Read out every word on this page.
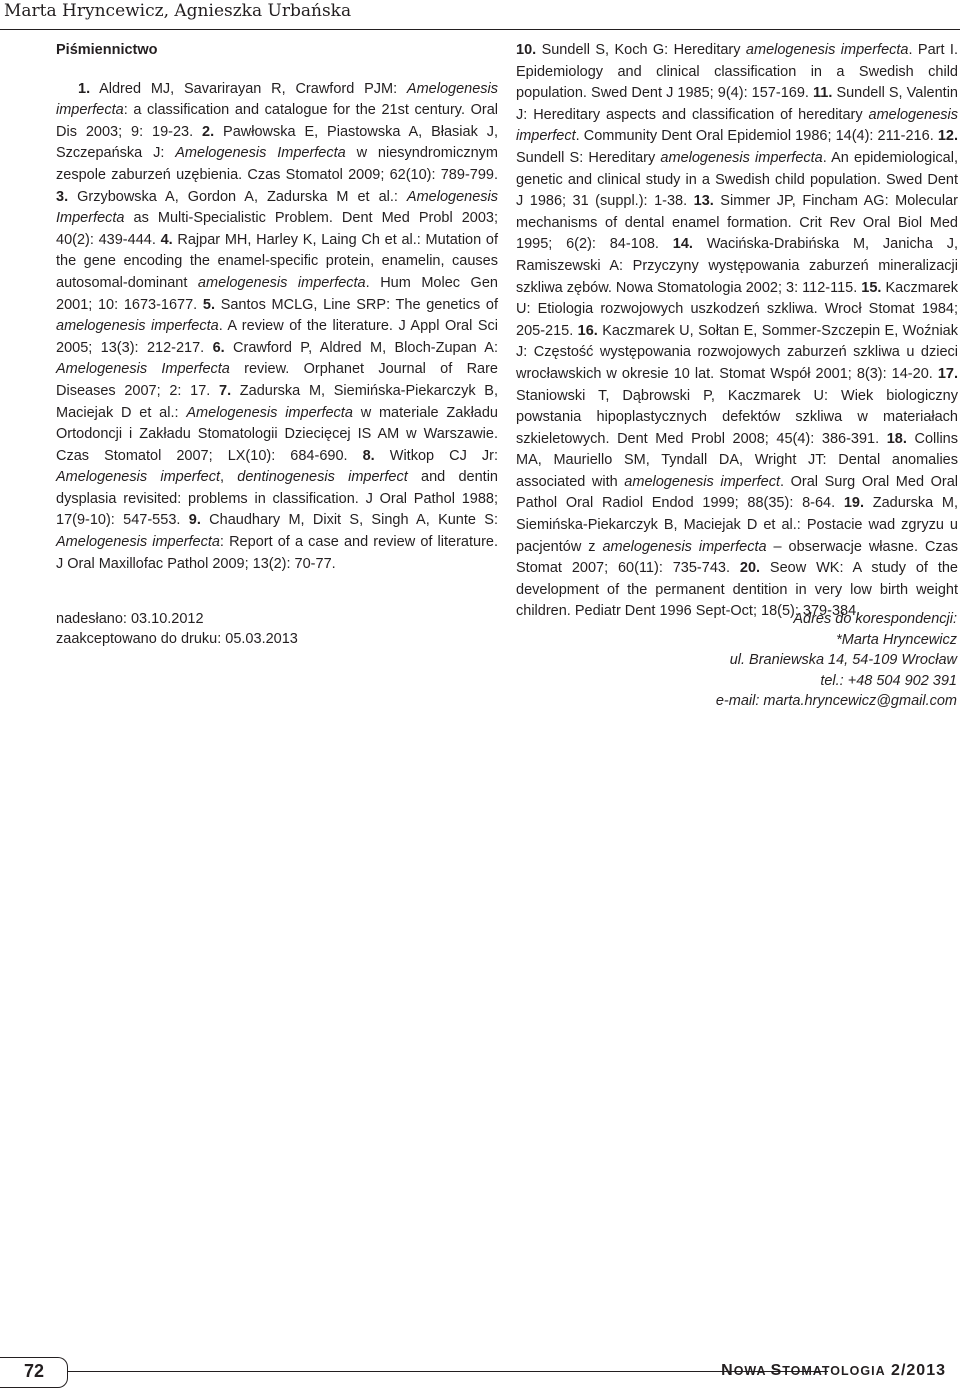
Marta Hryncewicz, Agnieszka Urbańska
Piśmiennictwo

1. Aldred MJ, Savarirayan R, Crawford PJM: Amelogenesis imperfecta: a classification and catalogue for the 21st century. Oral Dis 2003; 9: 19-23. 2. Pawłowska E, Piastowska A, Błasiak J, Szczepańska J: Amelogenesis Imperfecta w niesyndromicznym zespole zaburzeń uzębienia. Czas Stomatol 2009; 62(10): 789-799. 3. Grzybowska A, Gordon A, Zadurska M et al.: Amelogenesis Imperfecta as Multi-Specialistic Problem. Dent Med Probl 2003; 40(2): 439-444. 4. Rajpar MH, Harley K, Laing Ch et al.: Mutation of the gene encoding the enamel-specific protein, enamelin, causes autosomal-dominant amelogenesis imperfecta. Hum Molec Gen 2001; 10: 1673-1677. 5. Santos MCLG, Line SRP: The genetics of amelogenesis imperfecta. A review of the literature. J Appl Oral Sci 2005; 13(3): 212-217. 6. Crawford P, Aldred M, Bloch-Zupan A: Amelogenesis Imperfecta review. Orphanet Journal of Rare Diseases 2007; 2: 17. 7. Zadurska M, Siemińska-Piekarczyk B, Maciejak D et al.: Amelogenesis imperfecta w materiale Zakładu Ortodoncji i Zakładu Stomatologii Dziecięcej IS AM w Warszawie. Czas Stomatol 2007; LX(10): 684-690. 8. Witkop CJ Jr: Amelogenesis imperfect, dentinogenesis imperfect and dentin dysplasia revisited: problems in classification. J Oral Pathol 1988; 17(9-10): 547-553. 9. Chaudhary M, Dixit S, Singh A, Kunte S: Amelogenesis imperfecta: Report of a case and review of literature. J Oral Maxillofac Pathol 2009; 13(2): 70-77.

10. Sundell S, Koch G: Hereditary amelogenesis imperfecta. Part I. Epidemiology and clinical classification in a Swedish child population. Swed Dent J 1985; 9(4): 157-169. 11. Sundell S, Valentin J: Hereditary aspects and classification of hereditary amelogenesis imperfect. Community Dent Oral Epidemiol 1986; 14(4): 211-216. 12. Sundell S: Hereditary amelogenesis imperfecta. An epidemiological, genetic and clinical study in a Swedish child population. Swed Dent J 1986; 31 (suppl.): 1-38. 13. Simmer JP, Fincham AG: Molecular mechanisms of dental enamel formation. Crit Rev Oral Biol Med 1995; 6(2): 84-108. 14. Wacińska-Drabińska M, Janicha J, Ramiszewski A: Przyczyny występowania zaburzeń mineralizacji szkliwa zębów. Nowa Stomatologia 2002; 3: 112-115. 15. Kaczmarek U: Etiologia rozwojowych uszkodzeń szkliwa. Wrocł Stomat 1984; 205-215. 16. Kaczmarek U, Sołtan E, Sommer-Szczepin E, Woźniak J: Częstość występowania rozwojowych zaburzeń szkliwa u dzieci wrocławskich w okresie 10 lat. Stomat Współ 2001; 8(3): 14-20. 17. Staniowski T, Dąbrowski P, Kaczmarek U: Wiek biologiczny powstania hipoplastycznych defektów szkliwa w materiałach szkieletowych. Dent Med Probl 2008; 45(4): 386-391. 18. Collins MA, Mauriello SM, Tyndall DA, Wright JT: Dental anomalies associated with amelogenesis imperfect. Oral Surg Oral Med Oral Pathol Oral Radiol Endod 1999; 88(35): 8-64. 19. Zadurska M, Siemińska-Piekarczyk B, Maciejak D et al.: Postacie wad zgryzu u pacjentów z amelogenesis imperfecta – obserwacje własne. Czas Stomat 2007; 60(11): 735-743. 20. Seow WK: A study of the development of the permanent dentition in very low birth weight children. Pediatr Dent 1996 Sept-Oct; 18(5): 379-384.

nadesłano: 03.10.2012
zaakceptowano do druku: 05.03.2013
Adres do korespondencji:
*Marta Hryncewicz
ul. Braniewska 14, 54-109 Wrocław
tel.: +48 504 902 391
e-mail: marta.hryncewicz@gmail.com
72	NOWA STOMATOLOGIA 2/2013
